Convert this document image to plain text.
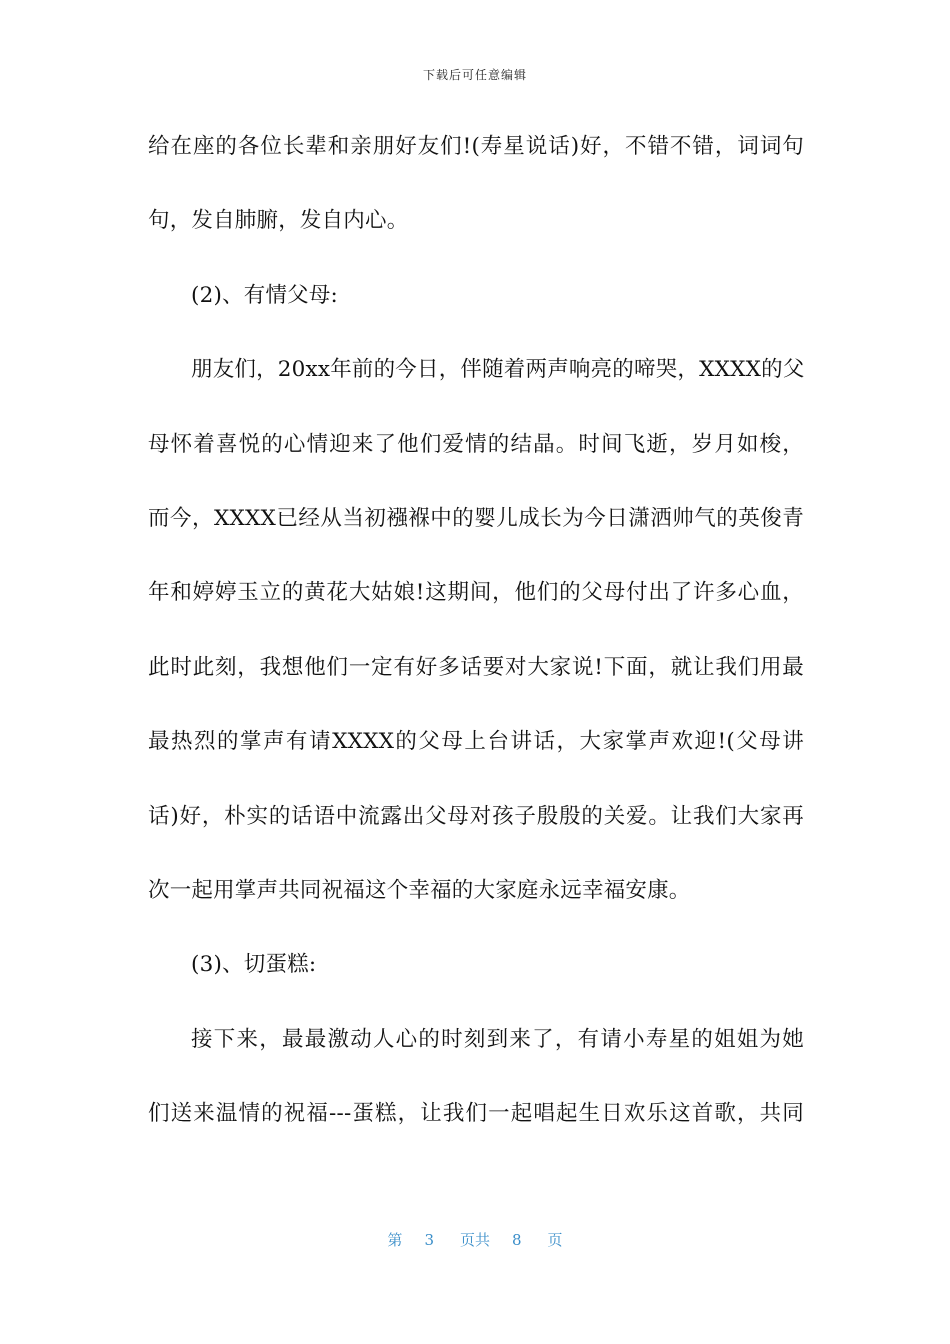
下载后可任意编辑
给在座的各位长辈和亲朋好友们!(寿星说话)好，不错不错，词词句
句，发自肺腑，发自内心。
(2)、有情父母:
朋友们，20xx年前的今日，伴随着两声响亮的啼哭，XXXX的父
母怀着喜悦的心情迎来了他们爱情的结晶。时间飞逝，岁月如梭，
而今，XXXX已经从当初襁褓中的婴儿成长为今日潇洒帅气的英俊青
年和婷婷玉立的黄花大姑娘!这期间，他们的父母付出了许多心血，
此时此刻，我想他们一定有好多话要对大家说!下面，就让我们用最
最热烈的掌声有请XXXX的父母上台讲话，大家掌声欢迎!(父母讲
话)好，朴实的话语中流露出父母对孩子殷殷的关爱。让我们大家再
次一起用掌声共同祝福这个幸福的大家庭永远幸福安康。
(3)、切蛋糕:
接下来，最最激动人心的时刻到来了，有请小寿星的姐姐为她
们送来温情的祝福---蛋糕，让我们一起唱起生日欢乐这首歌，共同
第 3 页共 8 页
